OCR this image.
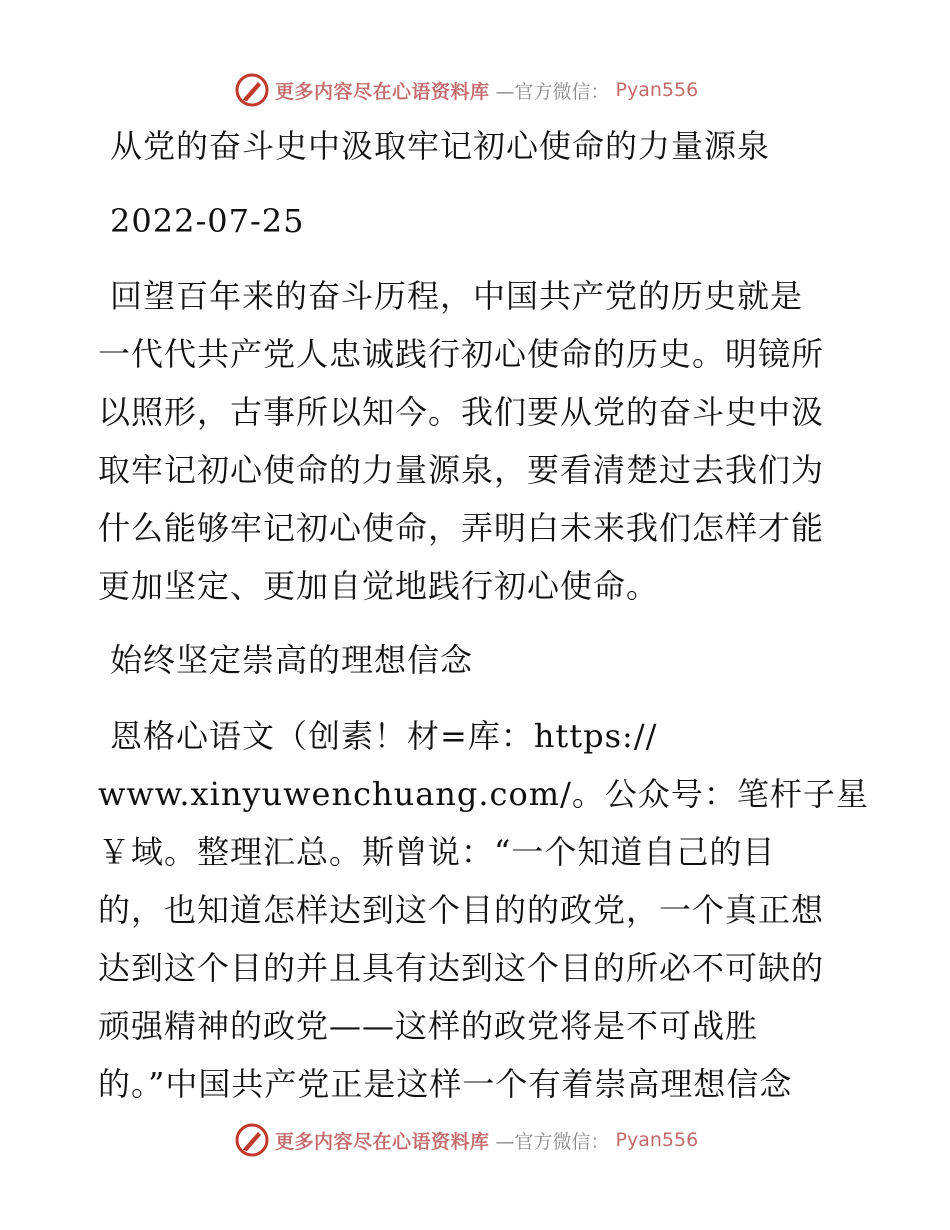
更多内容尽在心语资料库 —官方微信： Pyan556
从党的奋斗史中汲取牢记初心使命的力量源泉
2022-07-25
回望百年来的奋斗历程，中国共产党的历史就是
一代代共产党人忠诚践行初心使命的历史。明镜所
以照形，古事所以知今。我们要从党的奋斗史中汲
取牢记初心使命的力量源泉，要看清楚过去我们为
什么能够牢记初心使命，弄明白未来我们怎样才能
更加坚定、更加自觉地践行初心使命。
始终坚定崇高的理想信念
恩格心语文（创素！材=库：https://
www.xinyuwenchuang.com/。公众号：笔杆子星
￥域。整理汇总。斯曾说：“一个知道自己的目
的，也知道怎样达到这个目的的政党，一个真正想
达到这个目的并且具有达到这个目的所必不可缺的
顽强精神的政党——这样的政党将是不可战胜
的。”中国共产党正是这样一个有着崇高理想信念
更多内容尽在心语资料库 —官方微信： Pyan556
